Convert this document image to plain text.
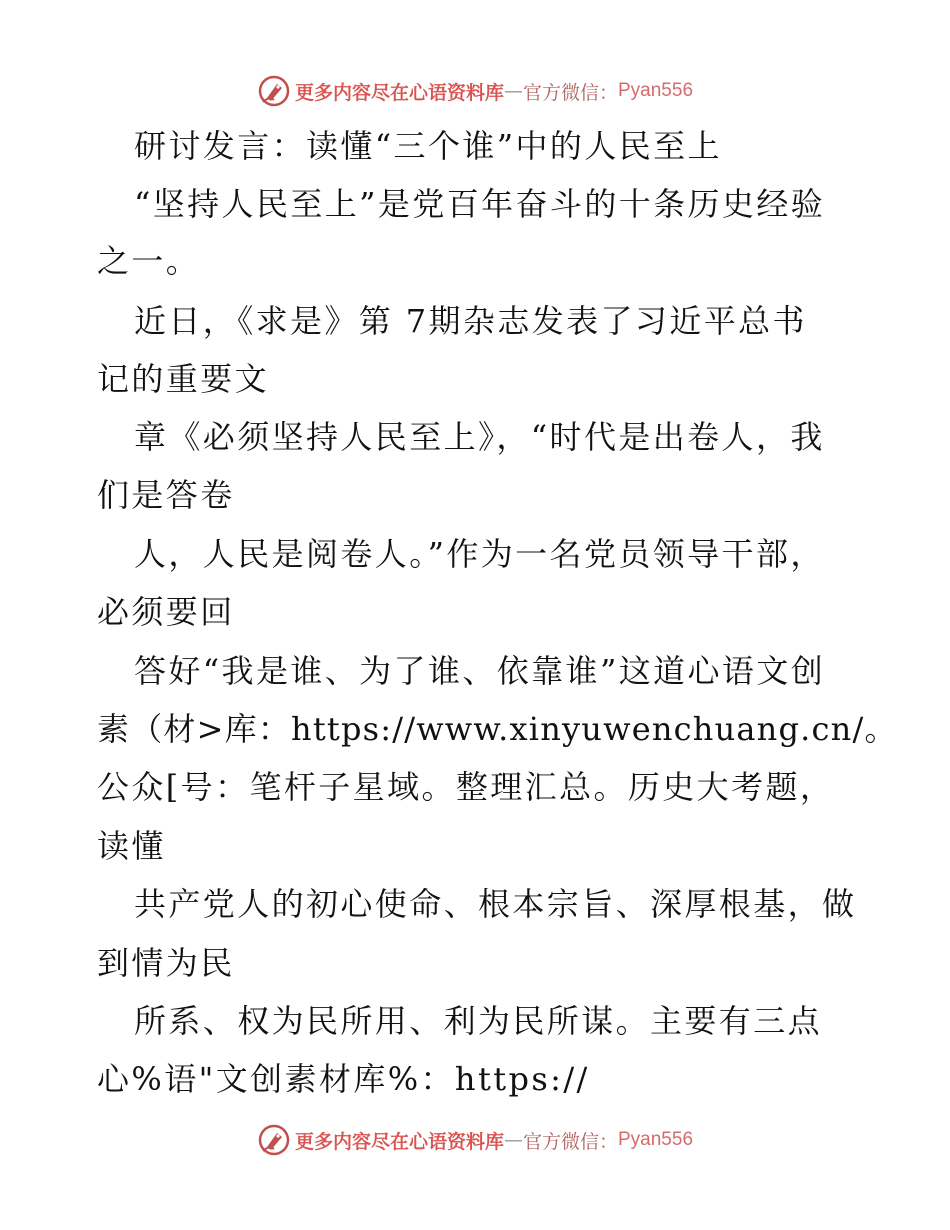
更多内容尽在心语资料库 — 官方微信： Pyan556
研讨发言：读懂“三个谁”中的人民至上
“坚持人民至上”是党百年奋斗的十条历史经验
之一。
近日，《求是》第 7期杂志发表了习近平总书
记的重要文
章《必须坚持人民至上》，“时代是出卷人，我
们是答卷
人，人民是阅卷人。”作为一名党员领导干部，
必须要回
答好“我是谁、为了谁、依靠谁”这道心语文创
素（材>库：https://www.xinyuwenchuang.cn/。
公众[号：笔杆子星域。整理汇总。历史大考题，
读懂
共产党人的初心使命、根本宗旨、深厚根基，做
到情为民
所系、权为民所用、利为民所谋。主要有三点
心%语"文创素材库%：https://
更多内容尽在心语资料库 — 官方微信： Pyan556
